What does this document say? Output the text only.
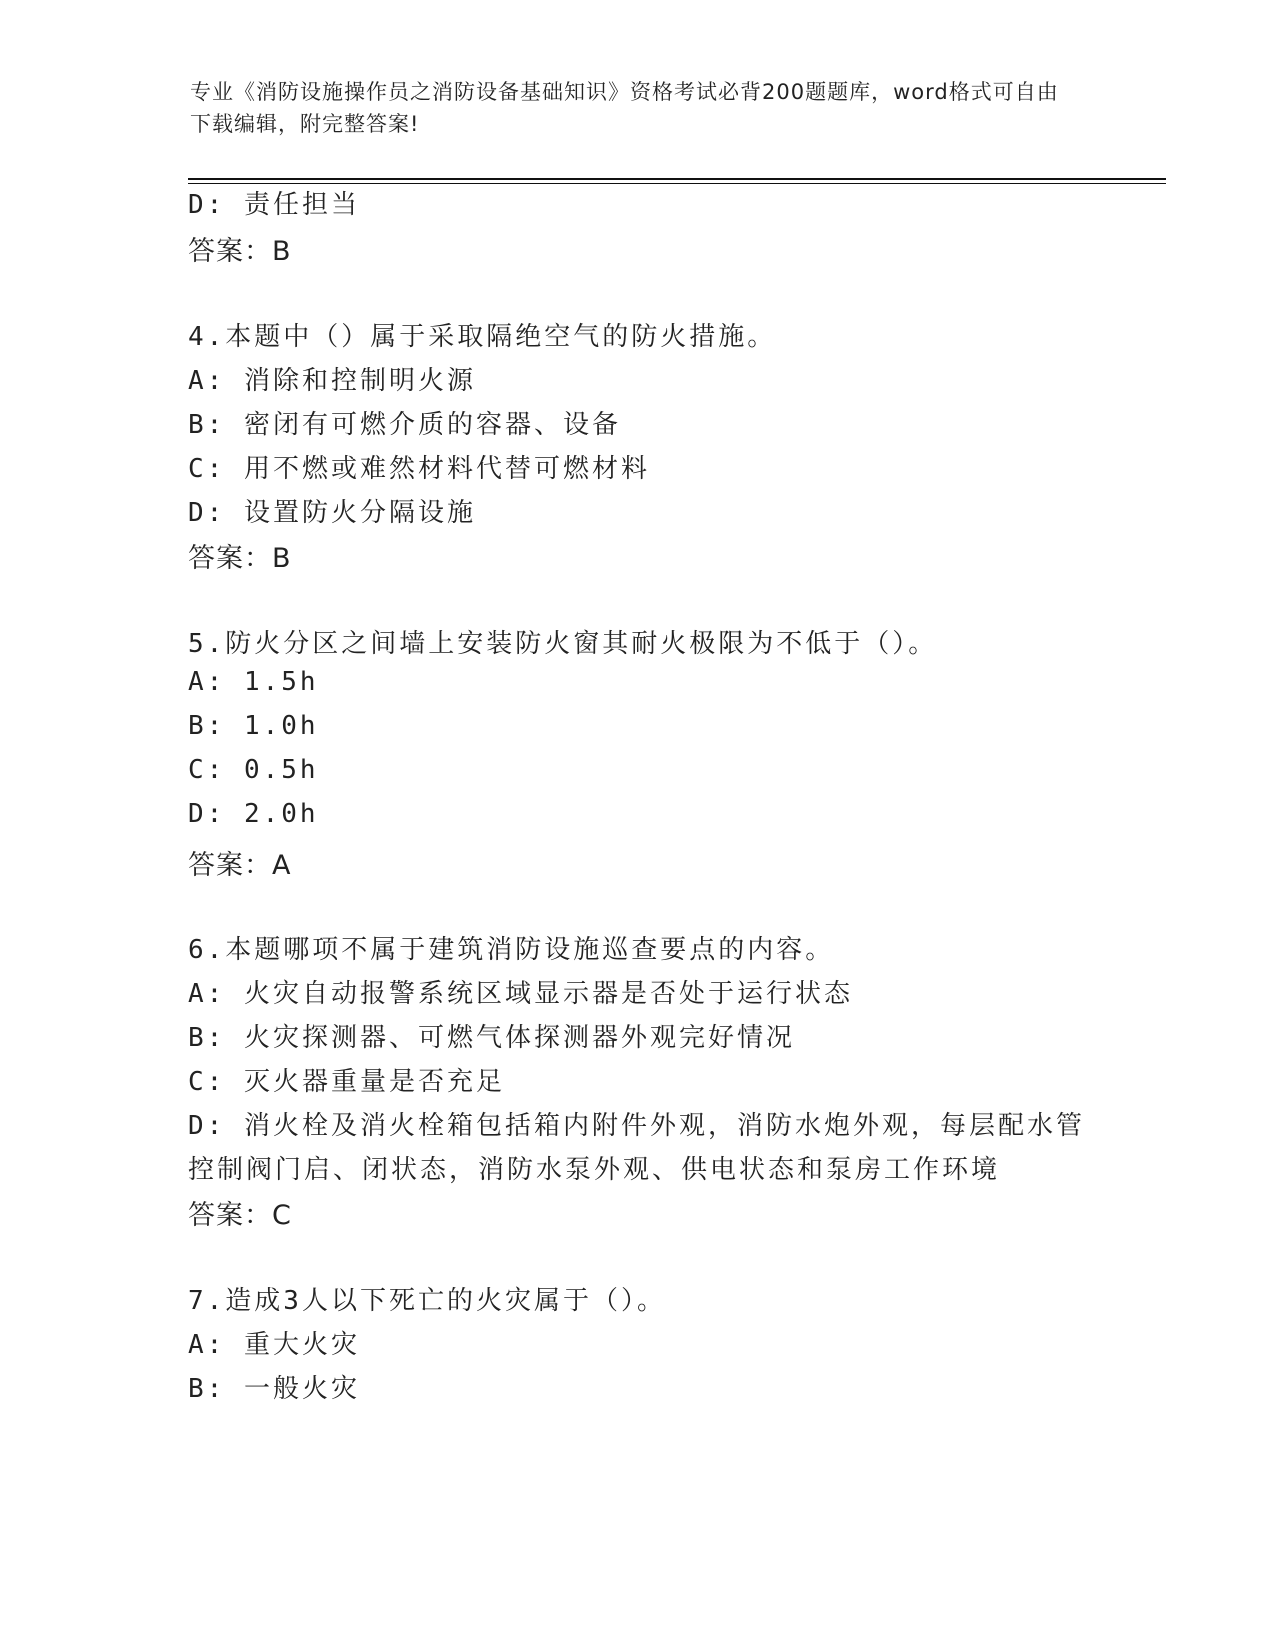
专业《消防设施操作员之消防设备基础知识》资格考试必背200题题库，word格式可自由下载编辑，附完整答案!
D: 责任担当
答案：B
4.本题中（）属于采取隔绝空气的防火措施。
A: 消除和控制明火源
B: 密闭有可燃介质的容器、设备
C: 用不燃或难然材料代替可燃材料
D: 设置防火分隔设施
答案：B
5.防火分区之间墙上安装防火窗其耐火极限为不低于（）。
A: 1.5h
B: 1.0h
C: 0.5h
D: 2.0h
答案：A
6.本题哪项不属于建筑消防设施巡查要点的内容。
A: 火灾自动报警系统区域显示器是否处于运行状态
B: 火灾探测器、可燃气体探测器外观完好情况
C: 灭火器重量是否充足
D: 消火栓及消火栓箱包括箱内附件外观，消防水炮外观，每层配水管
控制阀门启、闭状态，消防水泵外观、供电状态和泵房工作环境
答案：C
7.造成3人以下死亡的火灾属于（）。
A: 重大火灾
B: 一般火灾
